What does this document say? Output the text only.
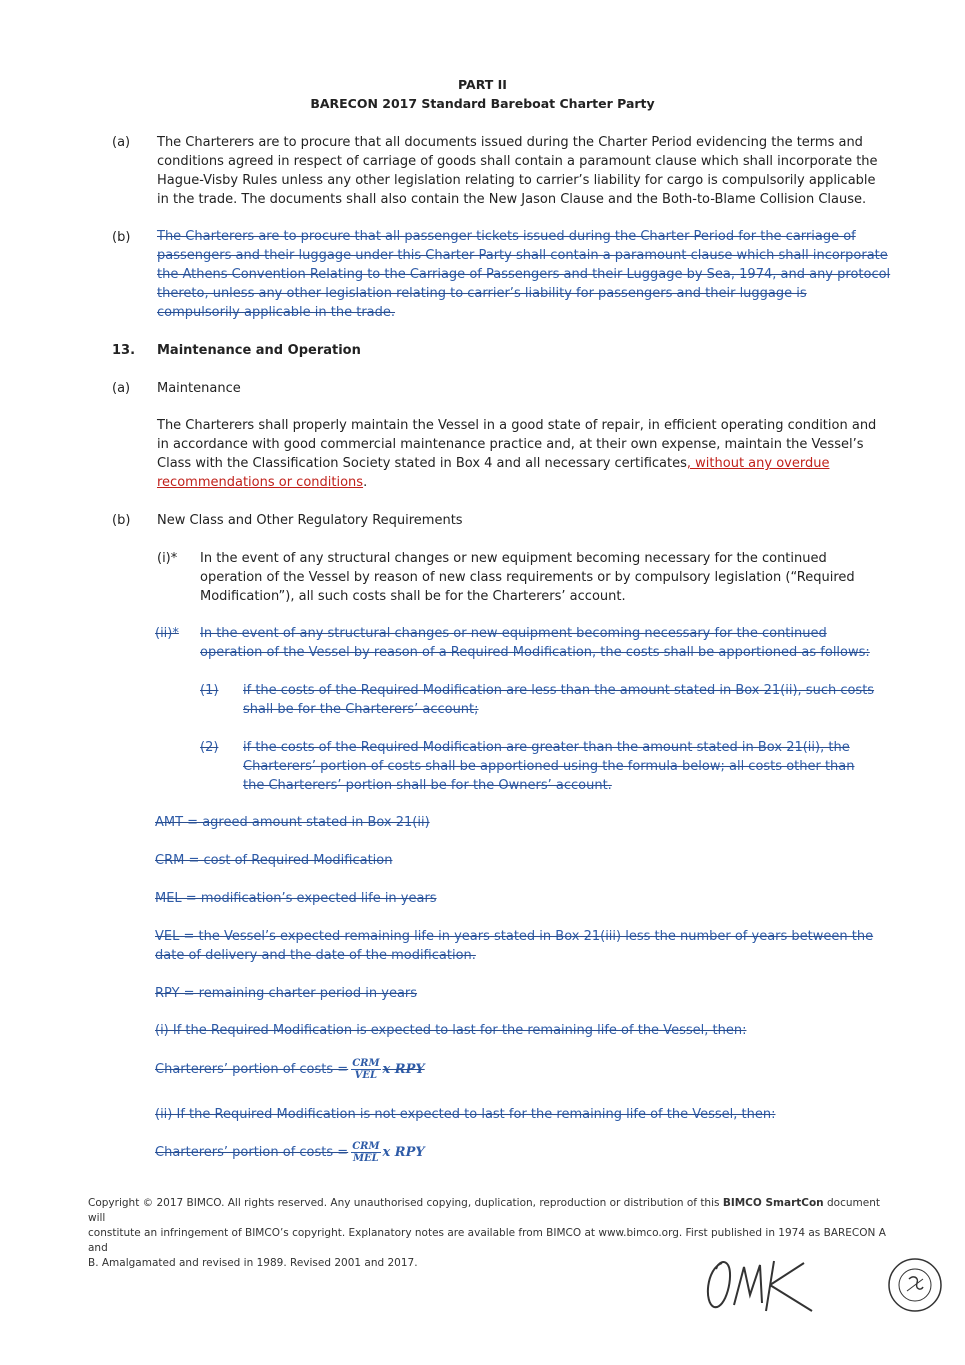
PART II
BARECON 2017 Standard Bareboat Charter Party
(a) The Charterers are to procure that all documents issued during the Charter Period evidencing the terms and
conditions agreed in respect of carriage of goods shall contain a paramount clause which shall incorporate the
Hague-Visby Rules unless any other legislation relating to carrier’s liability for cargo is compulsorily applicable
in the trade. The documents shall also contain the New Jason Clause and the Both-to-Blame Collision Clause.
(b) The Charterers are to procure that all passenger tickets issued during the Charter Period for the carriage of
passengers and their luggage under this Charter Party shall contain a paramount clause which shall incorporate
the Athens Convention Relating to the Carriage of Passengers and their Luggage by Sea, 1974, and any protocol
thereto, unless any other legislation relating to carrier’s liability for passengers and their luggage is
compulsorily applicable in the trade.
13. Maintenance and Operation
(a) Maintenance
The Charterers shall properly maintain the Vessel in a good state of repair, in efficient operating condition and
in accordance with good commercial maintenance practice and, at their own expense, maintain the Vessel’s
Class with the Classification Society stated in Box 4 and all necessary certificates, without any overdue
recommendations or conditions.
(b) New Class and Other Regulatory Requirements
(i)* In the event of any structural changes or new equipment becoming necessary for the continued
operation of the Vessel by reason of new class requirements or by compulsory legislation (“Required
Modification”), all such costs shall be for the Charterers’ account.
(ii)* In the event of any structural changes or new equipment becoming necessary for the continued
operation of the Vessel by reason of a Required Modification, the costs shall be apportioned as follows:
(1) if the costs of the Required Modification are less than the amount stated in Box 21(ii), such costs
shall be for the Charterers’ account;
(2) if the costs of the Required Modification are greater than the amount stated in Box 21(ii), the
Charterers’ portion of costs shall be apportioned using the formula below; all costs other than
the Charterers’ portion shall be for the Owners’ account.
AMT = agreed amount stated in Box 21(ii)
CRM = cost of Required Modification
MEL = modification’s expected life in years
VEL = the Vessel’s expected remaining life in years stated in Box 21(iii) less the number of years between the
date of delivery and the date of the modification.
RPY = remaining charter period in years
(i) If the Required Modification is expected to last for the remaining life of the Vessel, then:
Charterers’ portion of costs = $\frac{\text{CRM}}{\text{VEL}}$ x RPY
(ii) If the Required Modification is not expected to last for the remaining life of the Vessel, then:
Charterers’ portion of costs = $\frac{\text{CRM}}{\text{MEL}}$ x RPY
Copyright © 2017 BIMCO. All rights reserved. Any unauthorised copying, duplication, reproduction or distribution of this BIMCO SmartCon document will
constitute an infringement of BIMCO’s copyright. Explanatory notes are available from BIMCO at www.bimco.org. First published in 1974 as BARECON A and
B. Amalgamated and revised in 1989. Revised 2001 and 2017.
